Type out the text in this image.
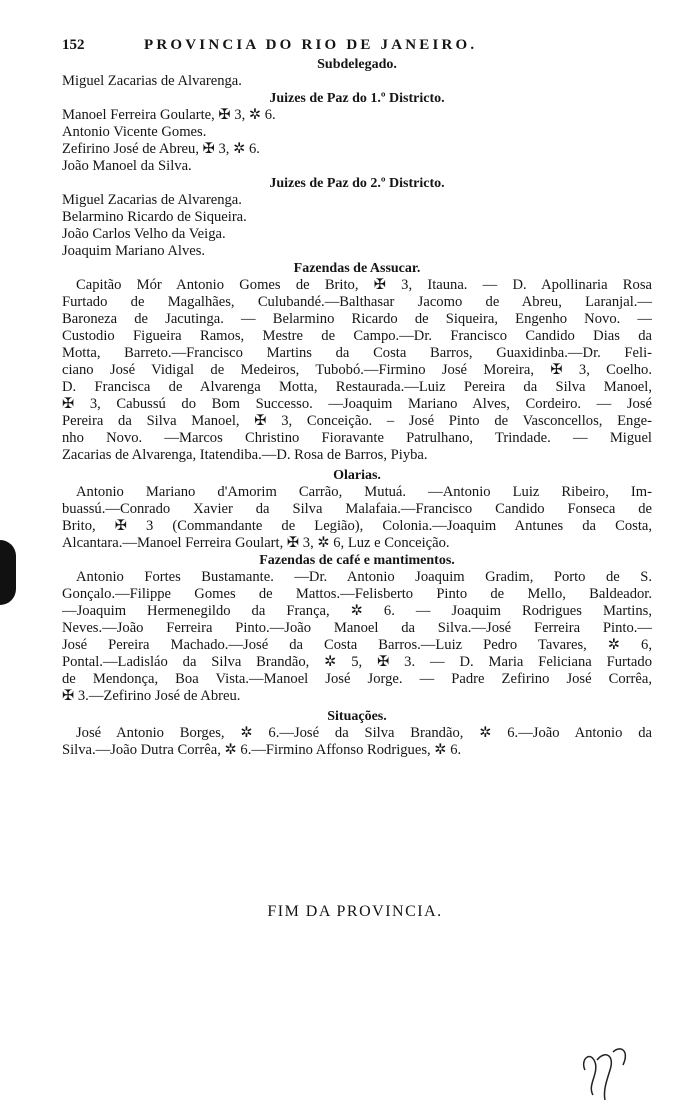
152	PROVINCIA DO RIO DE JANEIRO.
Subdelegado.
Miguel Zacarias de Alvarenga.
Juizes de Paz do 1.º Districto.
Manoel Ferreira Goularte, ✠ 3, ✲ 6.
Antonio Vicente Gomes.
Zefirino José de Abreu, ✠ 3, ✲ 6.
João Manoel da Silva.
Juizes de Paz do 2.º Districto.
Miguel Zacarias de Alvarenga.
Belarmino Ricardo de Siqueira.
João Carlos Velho da Veiga.
Joaquim Mariano Alves.
Fazendas de Assucar.
Capitão Mór Antonio Gomes de Brito, ✠ 3, Itauna. — D. Apollinaria Rosa
Furtado de Magalhães, Culubandé.—Balthasar Jacomo de Abreu, Laranjal.—
Baroneza de Jacutinga. — Belarmino Ricardo de Siqueira, Engenho Novo. —
Custodio Figueira Ramos, Mestre de Campo.—Dr. Francisco Candido Dias da
Motta, Barreto.—Francisco Martins da Costa Barros, Guaxidinba.—Dr. Feli-
ciano José Vidigal de Medeiros, Tubobó.—Firmino José Moreira, ✠ 3, Coelho.
D. Francisca de Alvarenga Motta, Restaurada.—Luiz Pereira da Silva Manoel,
✠ 3, Cabussú do Bom Successo. —Joaquim Mariano Alves, Cordeiro. — José
Pereira da Silva Manoel, ✠ 3, Conceição. – José Pinto de Vasconcellos, Enge-
nho Novo. —Marcos Christino Fioravante Patrulhano, Trindade. — Miguel
Zacarias de Alvarenga, Itatendiba.—D. Rosa de Barros, Piyba.
Olarias.
Antonio Mariano d'Amorim Carrão, Mutuá. —Antonio Luiz Ribeiro, Im-
buassú.—Conrado Xavier da Silva Malafaia.—Francisco Candido Fonseca de
Brito, ✠ 3 (Commandante de Legião), Colonia.—Joaquim Antunes da Costa,
Alcantara.—Manoel Ferreira Goulart, ✠ 3, ✲ 6, Luz e Conceição.
Fazendas de café e mantimentos.
Antonio Fortes Bustamante. —Dr. Antonio Joaquim Gradim, Porto de S.
Gonçalo.—Filippe Gomes de Mattos.—Felisberto Pinto de Mello, Baldeador.
—Joaquim Hermenegildo da França, ✲ 6. — Joaquim Rodrigues Martins,
Neves.—João Ferreira Pinto.—João Manoel da Silva.—José Ferreira Pinto.—
José Pereira Machado.—José da Costa Barros.—Luiz Pedro Tavares, ✲ 6,
Pontal.—Ladisláo da Silva Brandão, ✲ 5, ✠ 3. — D. Maria Feliciana Furtado
de Mendonça, Boa Vista.—Manoel José Jorge. — Padre Zefirino José Corrêa,
✠ 3.—Zefirino José de Abreu.
Situações.
José Antonio Borges, ✲ 6.—José da Silva Brandão, ✲ 6.—João Antonio da
Silva.—João Dutra Corrêa, ✲ 6.—Firmino Affonso Rodrigues, ✲ 6.
FIM DA PROVINCIA.
